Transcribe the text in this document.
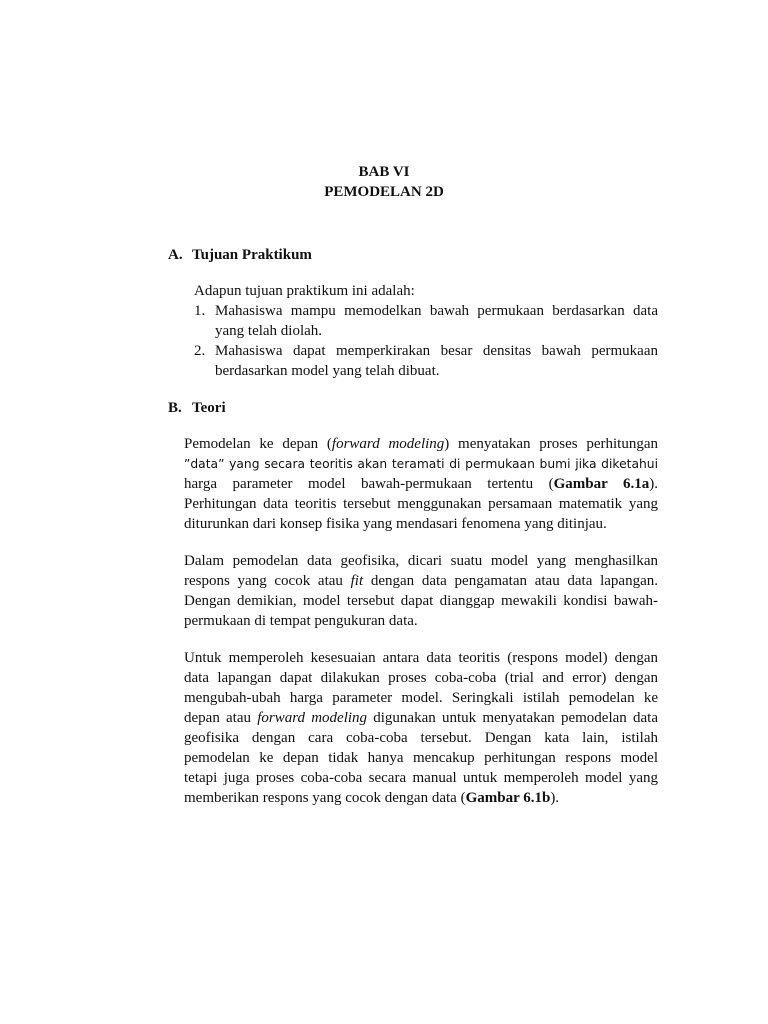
BAB VI

PEMODELAN 2D

A. Tujuan Praktikum

Adapun tujuan praktikum ini adalah:

1. Mahasiswa mampu memodelkan bawah permukaan berdasarkan data yang telah diolah.
2. Mahasiswa dapat memperkirakan besar densitas bawah permukaan berdasarkan model yang telah dibuat.

B. Teori

Pemodelan ke depan (forward modeling) menyatakan proses perhitungan
”data” yang secara teoritis akan teramati di permukaan bumi jika diketahui
harga parameter model bawah-permukaan tertentu (Gambar 6.1a).
Perhitungan data teoritis tersebut menggunakan persamaan matematik yang
diturunkan dari konsep fisika yang mendasari fenomena yang ditinjau.
Dalam pemodelan data geofisika, dicari suatu model yang menghasilkan
respons yang cocok atau fit dengan data pengamatan atau data lapangan.
Dengan demikian, model tersebut dapat dianggap mewakili kondisi bawah-
permukaan di tempat pengukuran data.
Untuk memperoleh kesesuaian antara data teoritis (respons model) dengan
data lapangan dapat dilakukan proses coba-coba (trial and error) dengan
mengubah-ubah harga parameter model. Seringkali istilah pemodelan ke
depan atau forward modeling digunakan untuk menyatakan pemodelan data
geofisika dengan cara coba-coba tersebut. Dengan kata lain, istilah
pemodelan ke depan tidak hanya mencakup perhitungan respons model
tetapi juga proses coba-coba secara manual untuk memperoleh model yang
memberikan respons yang cocok dengan data (Gambar 6.1b).
